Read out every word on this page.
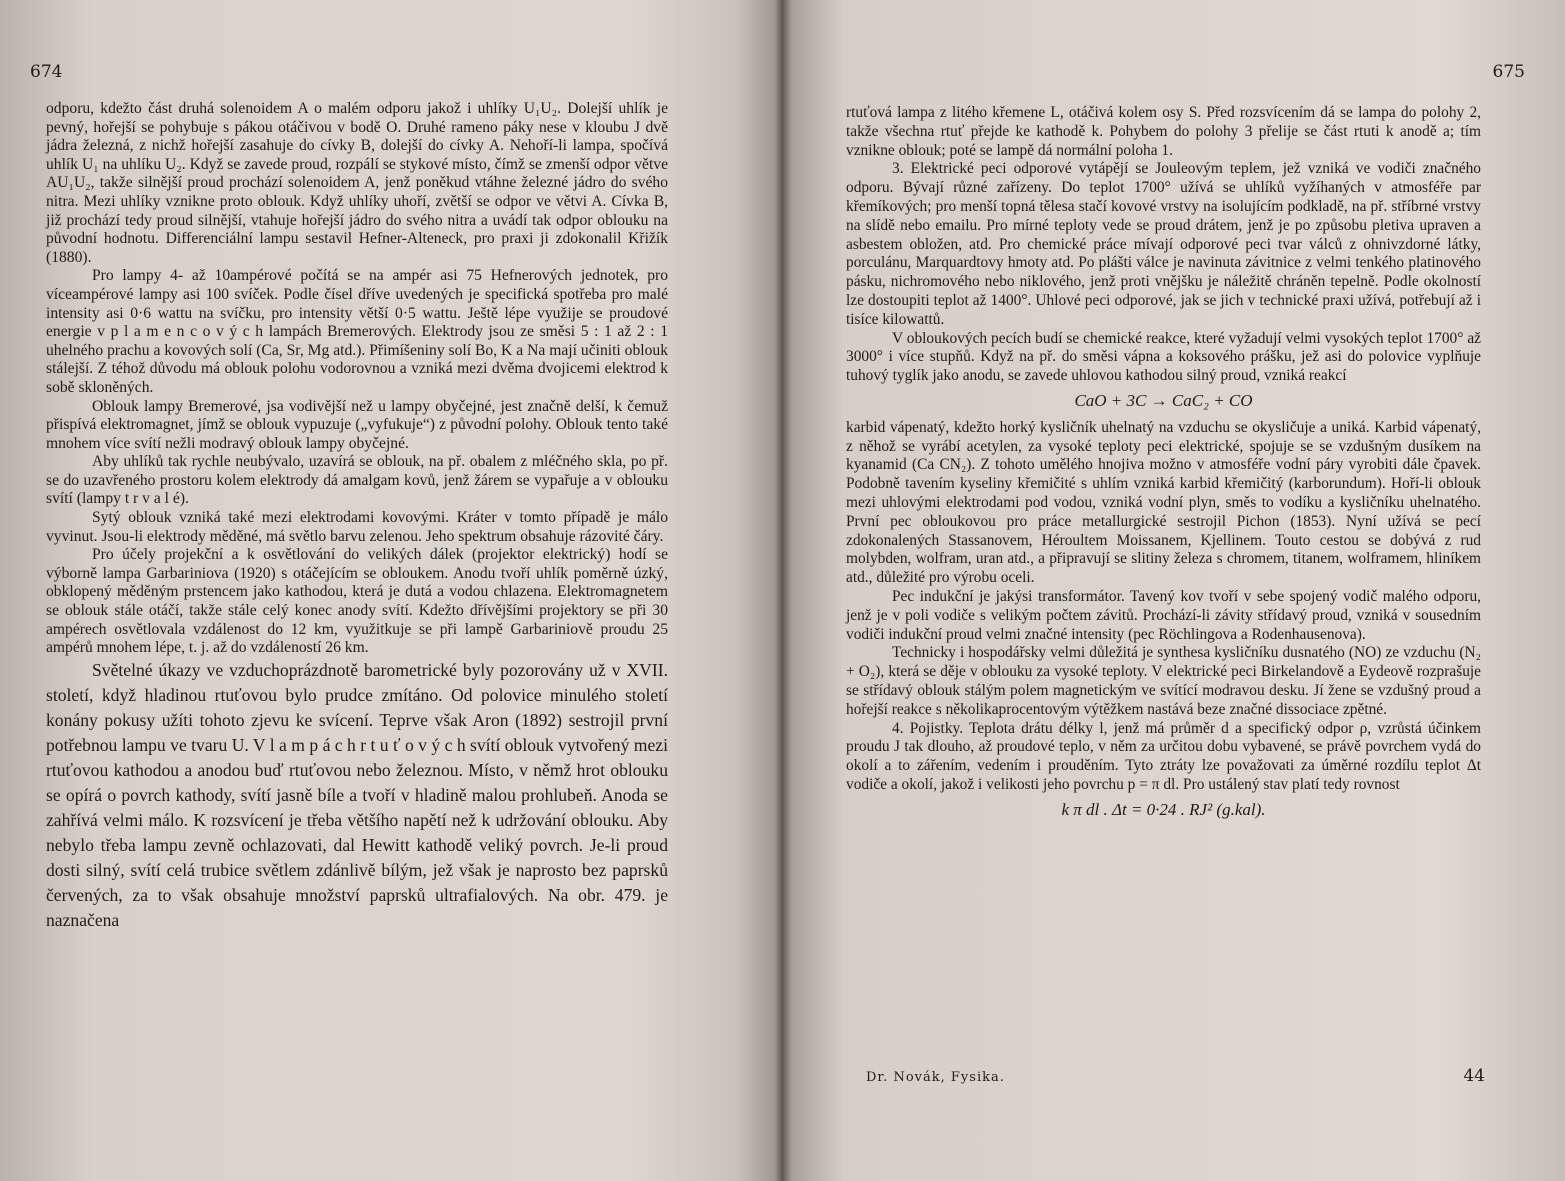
674

odporu, kdežto část druhá solenoidem A o malém odporu jakož i uhlíky U₁U₂. Dolejší uhlík je pevný, hořejší se pohybuje s pákou otáčivou v bodě O. Druhé rameno páky nese v kloubu J dvě jádra železná, z nichž hořejší zasahuje do cívky B, dolejší do cívky A. Nehoří-li lampa, spočívá uhlík U₁ na uhlíku U₂. Když se zavede proud, rozpálí se stykové místo, čímž se zmenší odpor větve AU₁U₂, takže silnější proud prochází solenoidem A, jenž poněkud vtáhne železné jádro do svého nitra. Mezi uhlíky vznikne proto oblouk. Když uhlíky uhoří, zvětší se odpor ve větvi A. Cívka B, již prochází tedy proud silnější, vtahuje hořejší jádro do svého nitra a uvádí tak odpor oblouku na původní hodnotu. Differenciální lampu sestavil Hefner-Alteneck, pro praxi ji zdokonalil Křižík (1880).

Pro lampy 4- až 10ampérové počítá se na ampér asi 75 Hefnerových jednotek, pro víceampérové lampy asi 100 svíček. Podle čísel dříve uvedených je specifická spotřeba pro malé intensity asi 0·6 wattu na svíčku, pro intensity větší 0·5 wattu. Ještě lépe využije se proudové energie v p l a m e n c o v ý c h lampách Bremerových. Elektrody jsou ze směsi 5 : 1 až 2 : 1 uhelného prachu a kovových solí (Ca, Sr, Mg atd.). Přimíšeniny solí Bo, K a Na mají učiniti oblouk stálejší. Z téhož důvodu má oblouk polohu vodorovnou a vzniká mezi dvěma dvojicemi elektrod k sobě skloněných.

Oblouk lampy Bremerové, jsa vodivější než u lampy obyčejné, jest značně delší, k čemuž přispívá elektromagnet, jímž se oblouk vypuzuje („vyfukuje“) z původní polohy. Oblouk tento také mnohem více svítí nežli modravý oblouk lampy obyčejné.

Aby uhlíků tak rychle neubývalo, uzavírá se oblouk, na př. obalem z mléčného skla, po př. se do uzavřeného prostoru kolem elektrody dá amalgam kovů, jenž žárem se vypařuje a v oblouku svítí (lampy t r v a l é).

Sytý oblouk vzniká také mezi elektrodami kovovými. Kráter v tomto případě je málo vyvinut. Jsou-li elektrody měděné, má světlo barvu zelenou. Jeho spektrum obsahuje rázovité čáry.

Pro účely projekční a k osvětlování do velikých dálek (projektor elektrický) hodí se výborně lampa Garbariniova (1920) s otáčejícím se obloukem. Anodu tvoří uhlík poměrně úzký, obklopený měděným prstencem jako kathodou, která je dutá a vodou chlazena. Elektromagnetem se oblouk stále otáčí, takže stále celý konec anody svítí. Kdežto dřívějšími projektory se při 30 ampérech osvětlovala vzdálenost do 12 km, využitkuje se při lampě Garbariniově proudu 25 ampérů mnohem lépe, t. j. až do vzdáleností 26 km.

Světelné úkazy ve vzduchoprázdnotě barometrické byly pozorovány už v XVII. století, když hladinou rtuťovou bylo prudce zmítáno. Od polovice minulého století konány pokusy užíti tohoto zjevu ke svícení. Teprve však Aron (1892) sestrojil první potřebnou lampu ve tvaru U. V l a m p á c h r t u ť o v ý c h svítí oblouk vytvořený mezi rtuťovou kathodou a anodou buď rtuťovou nebo železnou. Místo, v němž hrot oblouku se opírá o povrch kathody, svítí jasně bíle a tvoří v hladině malou prohlubeň. Anoda se zahřívá velmi málo. K rozsvícení je třeba většího napětí než k udržování oblouku. Aby nebylo třeba lampu zevně ochlazovati, dal Hewitt kathodě veliký povrch. Je-li proud dosti silný, svítí celá trubice světlem zdánlivě bílým, jež však je naprosto bez paprsků červených, za to však obsahuje množství paprsků ultrafialových. Na obr. 479. je naznačena

675

rtuťová lampa z litého křemene L, otáčivá kolem osy S. Před rozsvícením dá se lampa do polohy 2, takže všechna rtuť přejde ke kathodě k. Pohybem do polohy 3 přelije se část rtuti k anodě a; tím vznikne oblouk; poté se lampě dá normální poloha 1.

3. Elektrické peci odporové vytápějí se Jouleovým teplem, jež vzniká ve vodiči značného odporu. Bývají různé zařízeny. Do teplot 1700° užívá se uhlíků vyžíhaných v atmosféře par křemíkových; pro menší topná tělesa stačí kovové vrstvy na isolujícím podkladě, na př. stříbrné vrstvy na slídě nebo emailu. Pro mírné teploty vede se proud drátem, jenž je po způsobu pletiva upraven a asbestem obložen, atd. Pro chemické práce mívají odporové peci tvar válců z ohnivzdorné látky, porculánu, Marquardtovy hmoty atd. Po plášti válce je navinuta závitnice z velmi tenkého platinového pásku, nichromového nebo niklového, jenž proti vnějšku je náležitě chráněn tepelně. Podle okolností lze dostoupiti teplot až 1400°. Uhlové peci odporové, jak se jich v technické praxi užívá, potřebují až i tisíce kilowattů.

V obloukových pecích budí se chemické reakce, které vyžadují velmi vysokých teplot 1700° až 3000° i více stupňů. Když na př. do směsi vápna a koksového prášku, jež asi do polovice vyplňuje tuhový tyglík jako anodu, se zavede uhlovou kathodou silný proud, vzniká reakcí

CaO + 3C → CaC₂ + CO

karbid vápenatý, kdežto horký kysličník uhelnatý na vzduchu se okysličuje a uniká. Karbid vápenatý, z něhož se vyrábí acetylen, za vysoké teploty peci elektrické, spojuje se se vzdušným dusíkem na kyanamid (Ca CN₂). Z tohoto umělého hnojiva možno v atmosféře vodní páry vyrobiti dále čpavek. Podobně tavením kyseliny křemičité s uhlím vzniká karbid křemičitý (karborundum). Hoří-li oblouk mezi uhlovými elektrodami pod vodou, vzniká vodní plyn, směs to vodíku a kysličníku uhelnatého. První pec obloukovou pro práce metallurgické sestrojil Pichon (1853). Nyní užívá se pecí zdokonalených Stassanovem, Héroultem Moissanem, Kjellinem. Touto cestou se dobývá z rud molybden, wolfram, uran atd., a připravují se slitiny železa s chromem, titanem, wolframem, hliníkem atd., důležité pro výrobu oceli.

Pec indukční je jakýsi transformátor. Tavený kov tvoří v sebe spojený vodič malého odporu, jenž je v poli vodiče s velikým počtem závitů. Prochází-li závity střídavý proud, vzniká v sousedním vodiči indukční proud velmi značné intensity (pec Röchlingova a Rodenhausenova).

Technicky i hospodářsky velmi důležitá je synthesa kysličníku dusnatého (NO) ze vzduchu (N₂ + O₂), která se děje v oblouku za vysoké teploty. V elektrické peci Birkelandově a Eydeově rozprašuje se střídavý oblouk stálým polem magnetickým ve svítící modravou desku. Jí žene se vzdušný proud a hořejší reakce s několikaprocentovým výtěžkem nastává beze značné dissociace zpětné.

4. Pojistky. Teplota drátu délky l, jenž má průměr d a specifický odpor ρ, vzrůstá účinkem proudu J tak dlouho, až proudové teplo, v něm za určitou dobu vybavené, se právě povrchem vydá do okolí a to zářením, vedením i prouděním. Tyto ztráty lze považovati za úměrné rozdílu teplot Δt vodiče a okolí, jakož i velikosti jeho povrchu p = π dl. Pro ustálený stav platí tedy rovnost

k π dl . Δt = 0·24 . RJ² (g.kal).
Dr. Novák, Fysika.	44
